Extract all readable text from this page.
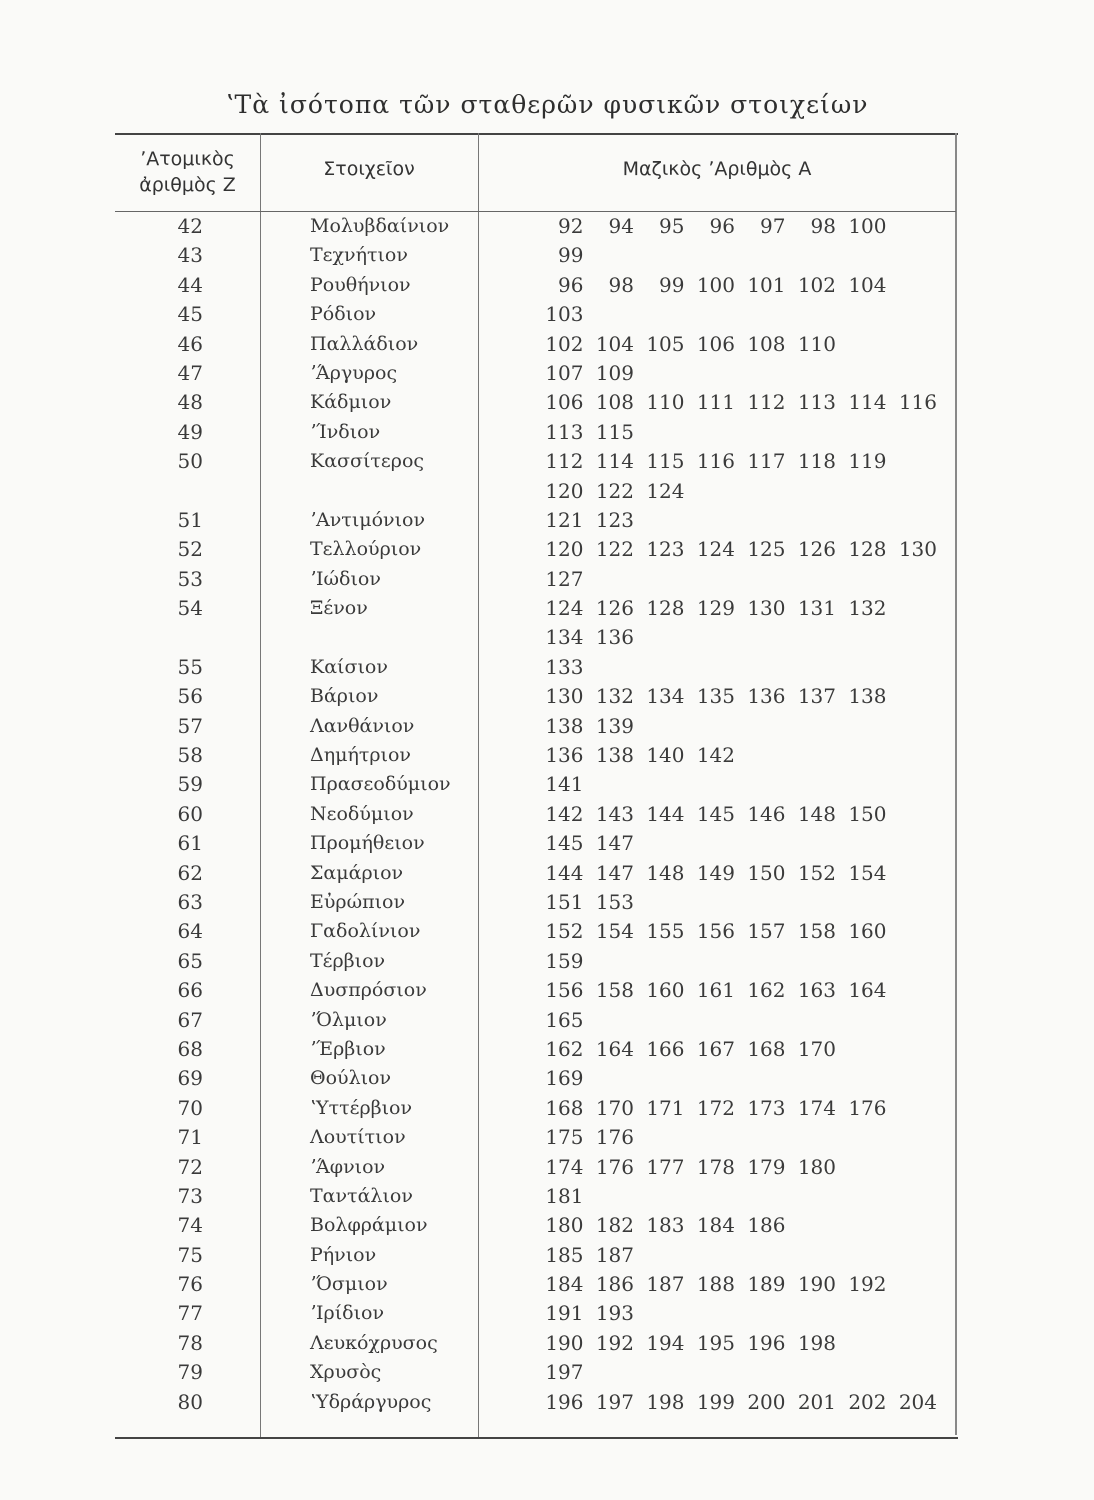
ʽΤὰ ἰσότοπα τῶν σταθερῶν φυσικῶν στοιχείων
ʼΑτομικὸς
ἀριθμὸς Z
Στοιχεῖον	Μαζικὸς ʼΑριθμὸς A
42	Μολυβδαίνιον	92 94 95 96 97 98 100
43	Τεχνήτιον	99
44	Ρουθήνιον	96 98 99 100 101 102 104
45	Ρόδιον	103
46	Παλλάδιον	102 104 105 106 108 110
47	ʼΆργυρος	107 109
48	Κάδμιον	106 108 110 111 112 113 114 116
49	ʼΊνδιον	113 115
50	Κασσίτερος	112 114 115 116 117 118 119
120 122 124
51	ʼΑντιμόνιον	121 123
52	Τελλούριον	120 122 123 124 125 126 128 130
53	ʼΙώδιον	127
54	Ξένον	124 126 128 129 130 131 132
134 136
55	Καίσιον	133
56	Βάριον	130 132 134 135 136 137 138
57	Λανθάνιον	138 139
58	Δημήτριον	136 138 140 142
59	Πρασεοδύμιον	141
60	Νεοδύμιον	142 143 144 145 146 148 150
61	Προμήθειον	145 147
62	Σαμάριον	144 147 148 149 150 152 154
63	Εὐρώπιον	151 153
64	Γαδολίνιον	152 154 155 156 157 158 160
65	Τέρβιον	159
66	Δυσπρόσιον	156 158 160 161 162 163 164
67	ʼΌλμιον	165
68	ʼΈρβιον	162 164 166 167 168 170
69	Θούλιον	169
70	ʽΥττέρβιον	168 170 171 172 173 174 176
71	Λουτίτιον	175 176
72	ʼΆφνιον	174 176 177 178 179 180
73	Ταντάλιον	181
74	Βολφράμιον	180 182 183 184 186
75	Ρήνιον	185 187
76	ʼΌσμιον	184 186 187 188 189 190 192
77	ʼΙρίδιον	191 193
78	Λευκόχρυσος	190 192 194 195 196 198
79	Χρυσὸς	197
80	ʽΥδράργυρος	196 197 198 199 200 201 202 204
